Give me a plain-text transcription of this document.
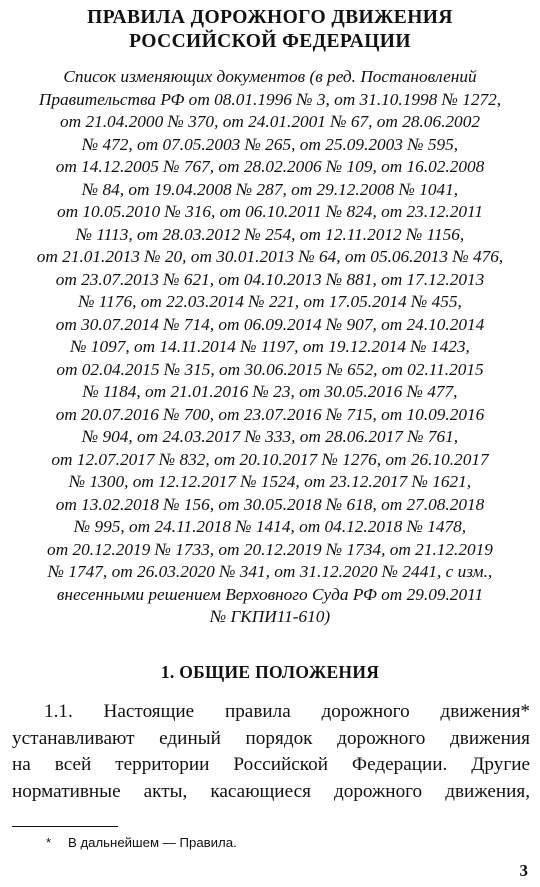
ПРАВИЛА ДОРОЖНОГО ДВИЖЕНИЯ
РОССИЙСКОЙ ФЕДЕРАЦИИ

Список изменяющих документов (в ред. Постановлений
Правительства РФ от 08.01.1996 № 3, от 31.10.1998 № 1272,
от 21.04.2000 № 370, от 24.01.2001 № 67, от 28.06.2002
№ 472, от 07.05.2003 № 265, от 25.09.2003 № 595,
от 14.12.2005 № 767, от 28.02.2006 № 109, от 16.02.2008
№ 84, от 19.04.2008 № 287, от 29.12.2008 № 1041,
от 10.05.2010 № 316, от 06.10.2011 № 824, от 23.12.2011
№ 1113, от 28.03.2012 № 254, от 12.11.2012 № 1156,
от 21.01.2013 № 20, от 30.01.2013 № 64, от 05.06.2013 № 476,
от 23.07.2013 № 621, от 04.10.2013 № 881, от 17.12.2013
№ 1176, от 22.03.2014 № 221, от 17.05.2014 № 455,
от 30.07.2014 № 714, от 06.09.2014 № 907, от 24.10.2014
№ 1097, от 14.11.2014 № 1197, от 19.12.2014 № 1423,
от 02.04.2015 № 315, от 30.06.2015 № 652, от 02.11.2015
№ 1184, от 21.01.2016 № 23, от 30.05.2016 № 477,
от 20.07.2016 № 700, от 23.07.2016 № 715, от 10.09.2016
№ 904, от 24.03.2017 № 333, от 28.06.2017 № 761,
от 12.07.2017 № 832, от 20.10.2017 № 1276, от 26.10.2017
№ 1300, от 12.12.2017 № 1524, от 23.12.2017 № 1621,
от 13.02.2018 № 156, от 30.05.2018 № 618, от 27.08.2018
№ 995, от 24.11.2018 № 1414, от 04.12.2018 № 1478,
от 20.12.2019 № 1733, от 20.12.2019 № 1734, от 21.12.2019
№ 1747, от 26.03.2020 № 341, от 31.12.2020 № 2441, с изм.,
внесенными решением Верховного Суда РФ от 29.09.2011
№ ГКПИ11-610)

1. ОБЩИЕ ПОЛОЖЕНИЯ

1.1. Настоящие правила дорожного движения*
устанавливают единый порядок дорожного движения
на всей территории Российской Федерации. Другие
нормативные акты, касающиеся дорожного движения,

* В дальнейшем — Правила.

3
